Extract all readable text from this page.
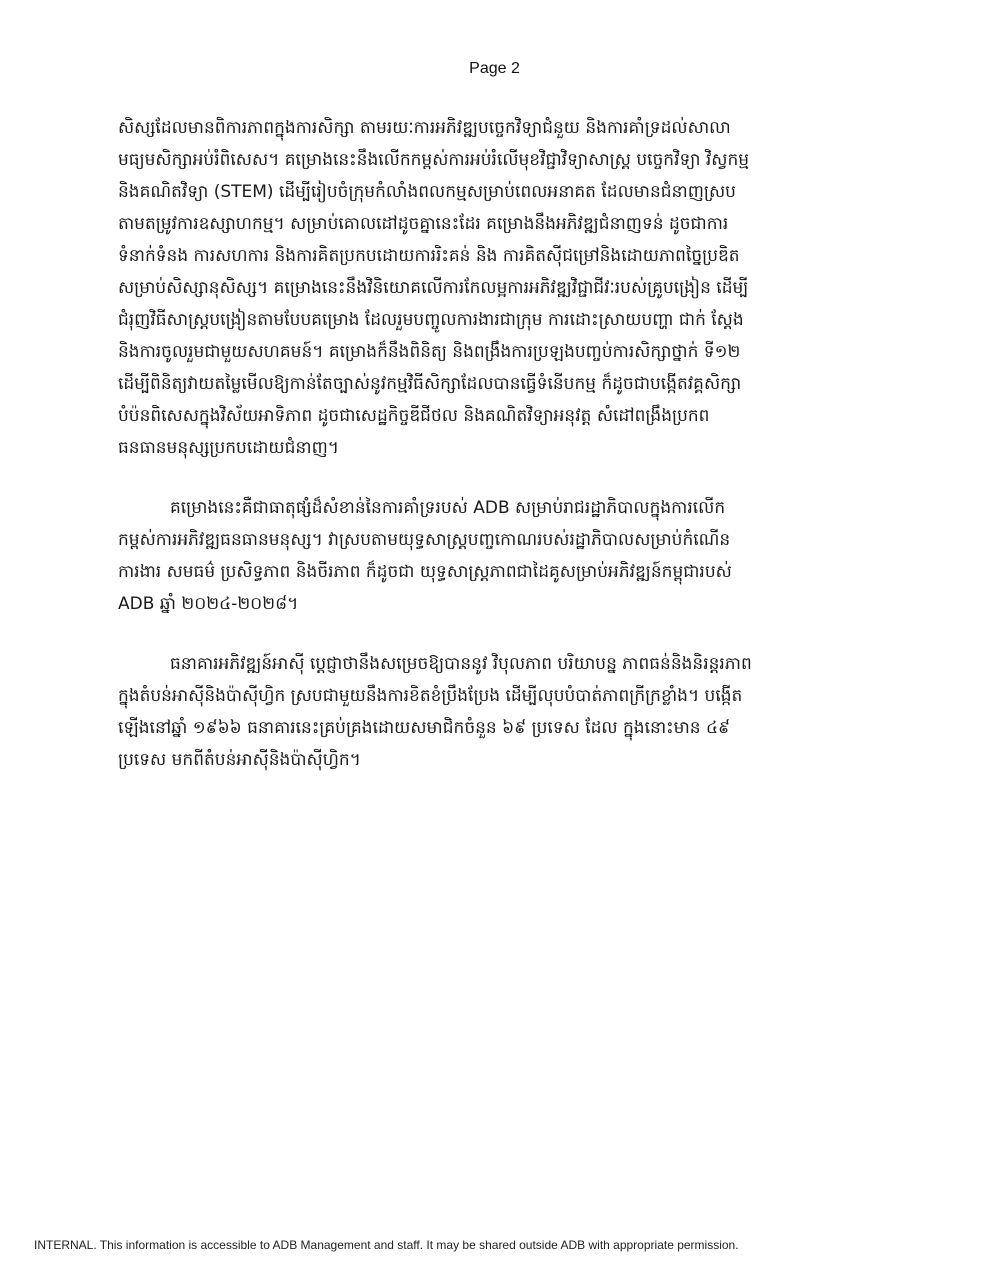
Page 2

សិស្សដែលមានពិការភាពក្នុងការសិក្សា តាមរយៈការអភិវឌ្ឍបច្ចេកវិទ្យាជំនួយ និងការគាំទ្រដល់សាលា
មធ្យមសិក្សាអប់រំពិសេស។ គម្រោងនេះនឹងលើកកម្ពស់ការអប់រំលើមុខវិជ្ជាវិទ្យាសាស្ត្រ បច្ចេកវិទ្យា វិស្វកម្ម
និងគណិតវិទ្យា (STEM) ដើម្បីរៀបចំក្រុមកំលាំងពលកម្មសម្រាប់ពេលអនាគត ដែលមានជំនាញស្រប
តាមតម្រូវការឧស្សាហកម្ម។ សម្រាប់គោលដៅដូចគ្នានេះដែរ គម្រោងនឹងអភិវឌ្ឍជំនាញទន់ ដូចជាការ
ទំនាក់ទំនង ការសហការ និងការគិតប្រកបដោយការរិះគន់ និង ការគិតស៊ីជម្រៅនិងដោយភាពច្នៃប្រឌិត
សម្រាប់សិស្សានុសិស្ស។ គម្រោងនេះនឹងវិនិយោគលើការកែលម្អការអភិវឌ្ឍវិជ្ជាជីវៈរបស់គ្រូបង្រៀន ដើម្បី
ជំរុញវិធីសាស្ត្របង្រៀនតាមបែបគម្រោង ដែលរួមបញ្ចូលការងារជាក្រុម ការដោះស្រាយបញ្ហា ជាក់ ស្តែង
និងការចូលរួមជាមួយសហគមន៍។ គម្រោងក៏នឹងពិនិត្យ និងពង្រឹងការប្រឡងបញ្ចប់ការសិក្សាថ្នាក់ ទី១២
ដើម្បីពិនិត្យវាយតម្លៃមើលឱ្យកាន់តែច្បាស់នូវកម្មវិធីសិក្សាដែលបានធ្វើទំនើបកម្ម ក៏ដូចជាបង្កើតវគ្គសិក្សា
បំប៉នពិសេសក្នុងវិស័យអាទិភាព ដូចជាសេដ្ឋកិច្ចឌីជីថល និងគណិតវិទ្យាអនុវត្ត សំដៅពង្រឹងប្រកព
ធនធានមនុស្សប្រកបដោយជំនាញ។

គម្រោងនេះគឺជាធាតុផ្សំដ៏សំខាន់នៃការគាំទ្ររបស់ ADB សម្រាប់រាជរដ្ឋាភិបាលក្នុងការលើក
កម្ពស់ការអភិវឌ្ឍធនធានមនុស្ស។ វាស្របតាមយុទ្ធសាស្ត្របញ្ចកោណរបស់រដ្ឋាភិបាលសម្រាប់កំណើន
ការងារ សមធម៌ ប្រសិទ្ធភាព និងចីរភាព ក៏ដូចជា យុទ្ធសាស្ត្រភាពជាដៃគូសម្រាប់អភិវឌ្ឍន៍កម្ពុជារបស់
ADB ឆ្នាំ ២០២៤-២០២៨។

ធនាគារអភិវឌ្ឍន៍អាស៊ី ប្តេជ្ញាថានឹងសម្រេចឱ្យបាននូវ វិបុលភាព បរិយាបន្ន ភាពធន់និងនិរន្តរភាព
ក្នុងតំបន់អាស៊ីនិងប៉ាស៊ីហ្វិក ស្របជាមួយនឹងការខិតខំប្រឹងប្រែង ដើម្បីលុបបំបាត់ភាពក្រីក្រខ្លាំង។ បង្កើត
ឡើងនៅឆ្នាំ ១៩៦៦ ធនាគារនេះគ្រប់គ្រងដោយសមាជិកចំនួន ៦៩ ប្រទេស ដែល ក្នុងនោះមាន ៤៩
ប្រទេស មកពីតំបន់អាស៊ីនិងប៉ាស៊ីហ្វិក។

INTERNAL. This information is accessible to ADB Management and staff. It may be shared outside ADB with appropriate permission.
